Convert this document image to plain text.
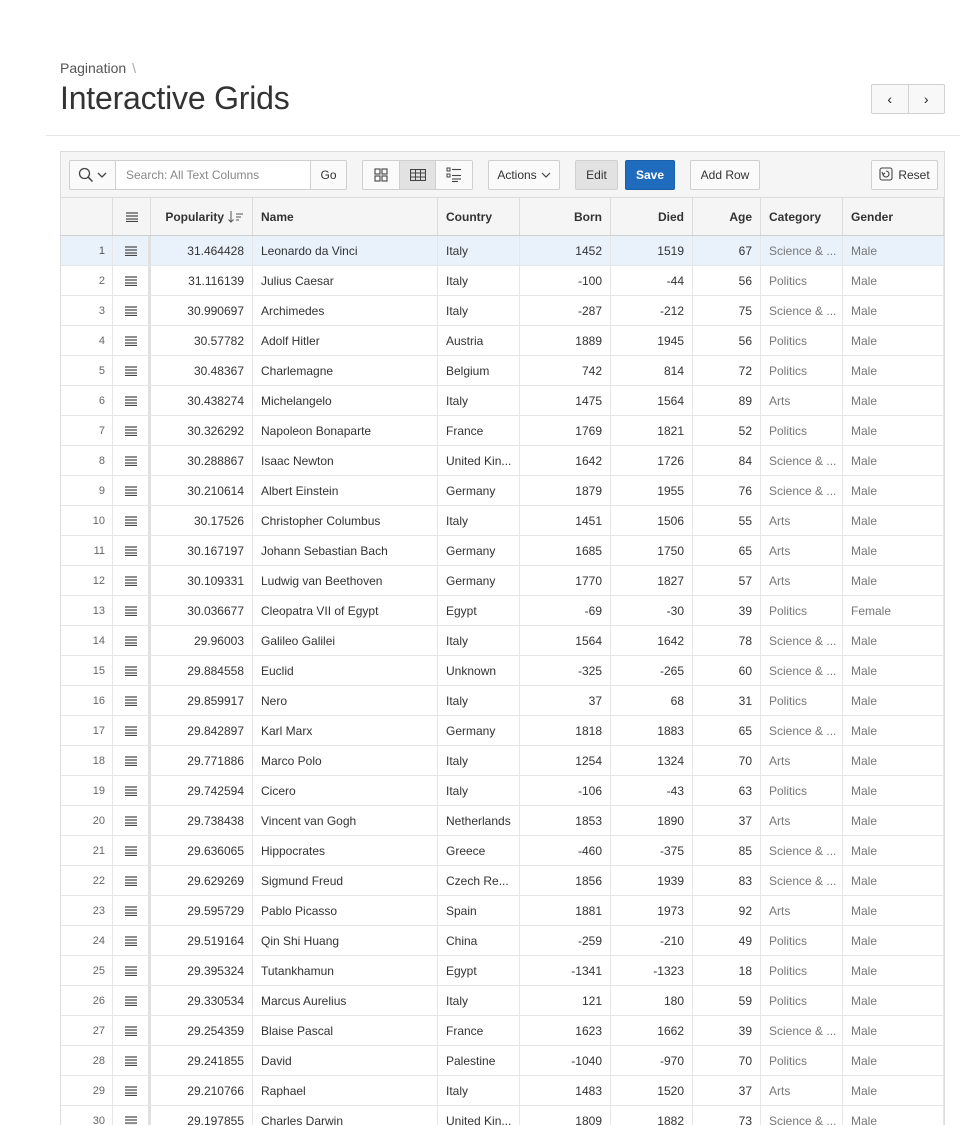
Pagination \
Interactive Grids	‹ ›
Search: All Text Columns
Go	Actions	Edit	Save	Add Row	Reset
Popularity	Name	Country	Born	Died	Age	Category	Gender
1	31.464428	Leonardo da Vinci	Italy	1452	1519	67	Science & ...	Male
2	31.116139	Julius Caesar	Italy	-100	-44	56	Politics	Male
3	30.990697	Archimedes	Italy	-287	-212	75	Science & ...	Male
4	30.57782	Adolf Hitler	Austria	1889	1945	56	Politics	Male
5	30.48367	Charlemagne	Belgium	742	814	72	Politics	Male
6	30.438274	Michelangelo	Italy	1475	1564	89	Arts	Male
7	30.326292	Napoleon Bonaparte	France	1769	1821	52	Politics	Male
8	30.288867	Isaac Newton	United Kin...	1642	1726	84	Science & ...	Male
9	30.210614	Albert Einstein	Germany	1879	1955	76	Science & ...	Male
10	30.17526	Christopher Columbus	Italy	1451	1506	55	Arts	Male
11	30.167197	Johann Sebastian Bach	Germany	1685	1750	65	Arts	Male
12	30.109331	Ludwig van Beethoven	Germany	1770	1827	57	Arts	Male
13	30.036677	Cleopatra VII of Egypt	Egypt	-69	-30	39	Politics	Female
14	29.96003	Galileo Galilei	Italy	1564	1642	78	Science & ...	Male
15	29.884558	Euclid	Unknown	-325	-265	60	Science & ...	Male
16	29.859917	Nero	Italy	37	68	31	Politics	Male
17	29.842897	Karl Marx	Germany	1818	1883	65	Science & ...	Male
18	29.771886	Marco Polo	Italy	1254	1324	70	Arts	Male
19	29.742594	Cicero	Italy	-106	-43	63	Politics	Male
20	29.738438	Vincent van Gogh	Netherlands	1853	1890	37	Arts	Male
21	29.636065	Hippocrates	Greece	-460	-375	85	Science & ...	Male
22	29.629269	Sigmund Freud	Czech Re...	1856	1939	83	Science & ...	Male
23	29.595729	Pablo Picasso	Spain	1881	1973	92	Arts	Male
24	29.519164	Qin Shi Huang	China	-259	-210	49	Politics	Male
25	29.395324	Tutankhamun	Egypt	-1341	-1323	18	Politics	Male
26	29.330534	Marcus Aurelius	Italy	121	180	59	Politics	Male
27	29.254359	Blaise Pascal	France	1623	1662	39	Science & ...	Male
28	29.241855	David	Palestine	-1040	-970	70	Politics	Male
29	29.210766	Raphael	Italy	1483	1520	37	Arts	Male
30	29.197855	Charles Darwin	United Kin...	1809	1882	73	Science & ...	Male
